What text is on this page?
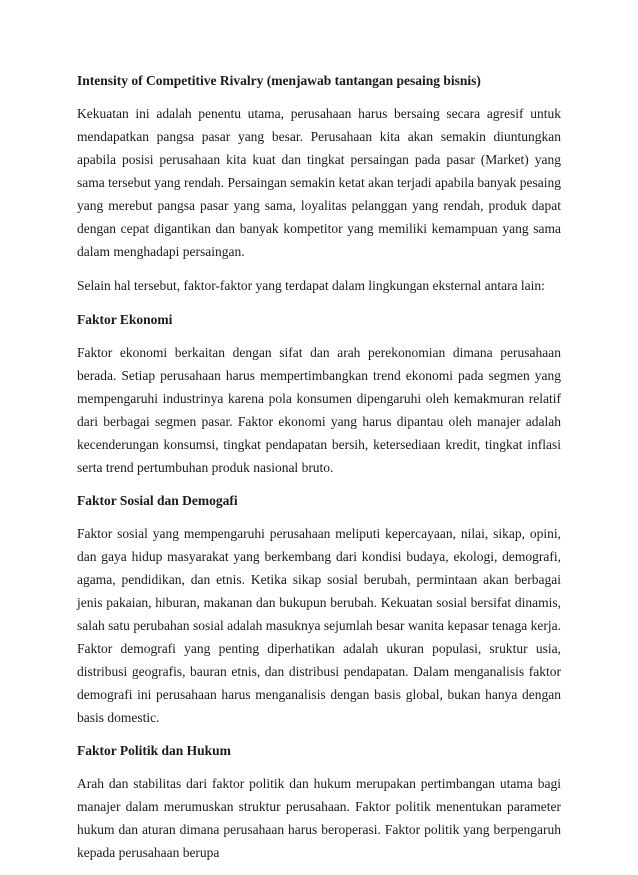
Intensity of Competitive Rivalry (menjawab tantangan pesaing bisnis)
Kekuatan ini adalah penentu utama, perusahaan harus bersaing secara agresif untuk mendapatkan pangsa pasar yang besar. Perusahaan kita akan semakin diuntungkan apabila posisi perusahaan kita kuat dan tingkat persaingan pada pasar (Market) yang sama tersebut yang rendah. Persaingan semakin ketat akan terjadi apabila banyak pesaing yang merebut pangsa pasar yang sama, loyalitas pelanggan yang rendah, produk dapat dengan cepat digantikan dan banyak kompetitor yang memiliki kemampuan yang sama dalam menghadapi persaingan.
Selain hal tersebut, faktor-faktor yang terdapat dalam lingkungan eksternal antara lain:
Faktor Ekonomi
Faktor ekonomi berkaitan dengan sifat dan arah perekonomian dimana perusahaan berada. Setiap perusahaan harus mempertimbangkan trend ekonomi pada segmen yang mempengaruhi industrinya karena pola konsumen dipengaruhi oleh kemakmuran relatif dari berbagai segmen pasar. Faktor ekonomi yang harus dipantau oleh manajer adalah kecenderungan konsumsi, tingkat pendapatan bersih, ketersediaan kredit, tingkat inflasi serta trend pertumbuhan produk nasional bruto.
Faktor Sosial dan Demogafi
Faktor sosial yang mempengaruhi perusahaan meliputi kepercayaan, nilai, sikap, opini, dan gaya hidup masyarakat yang berkembang dari kondisi budaya, ekologi, demografi, agama, pendidikan, dan etnis. Ketika sikap sosial berubah, permintaan akan berbagai jenis pakaian, hiburan, makanan dan bukupun berubah. Kekuatan sosial bersifat dinamis, salah satu perubahan sosial adalah masuknya sejumlah besar wanita kepasar tenaga kerja. Faktor demografi yang penting diperhatikan adalah ukuran populasi, sruktur usia, distribusi geografis, bauran etnis, dan distribusi pendapatan. Dalam menganalisis faktor demografi ini perusahaan harus menganalisis dengan basis global, bukan hanya dengan basis domestic.
Faktor Politik dan Hukum
Arah dan stabilitas dari faktor politik dan hukum merupakan pertimbangan utama bagi manajer dalam merumuskan struktur perusahaan. Faktor politik menentukan parameter hukum dan aturan dimana perusahaan harus beroperasi. Faktor politik yang berpengaruh kepada perusahaan berupa
